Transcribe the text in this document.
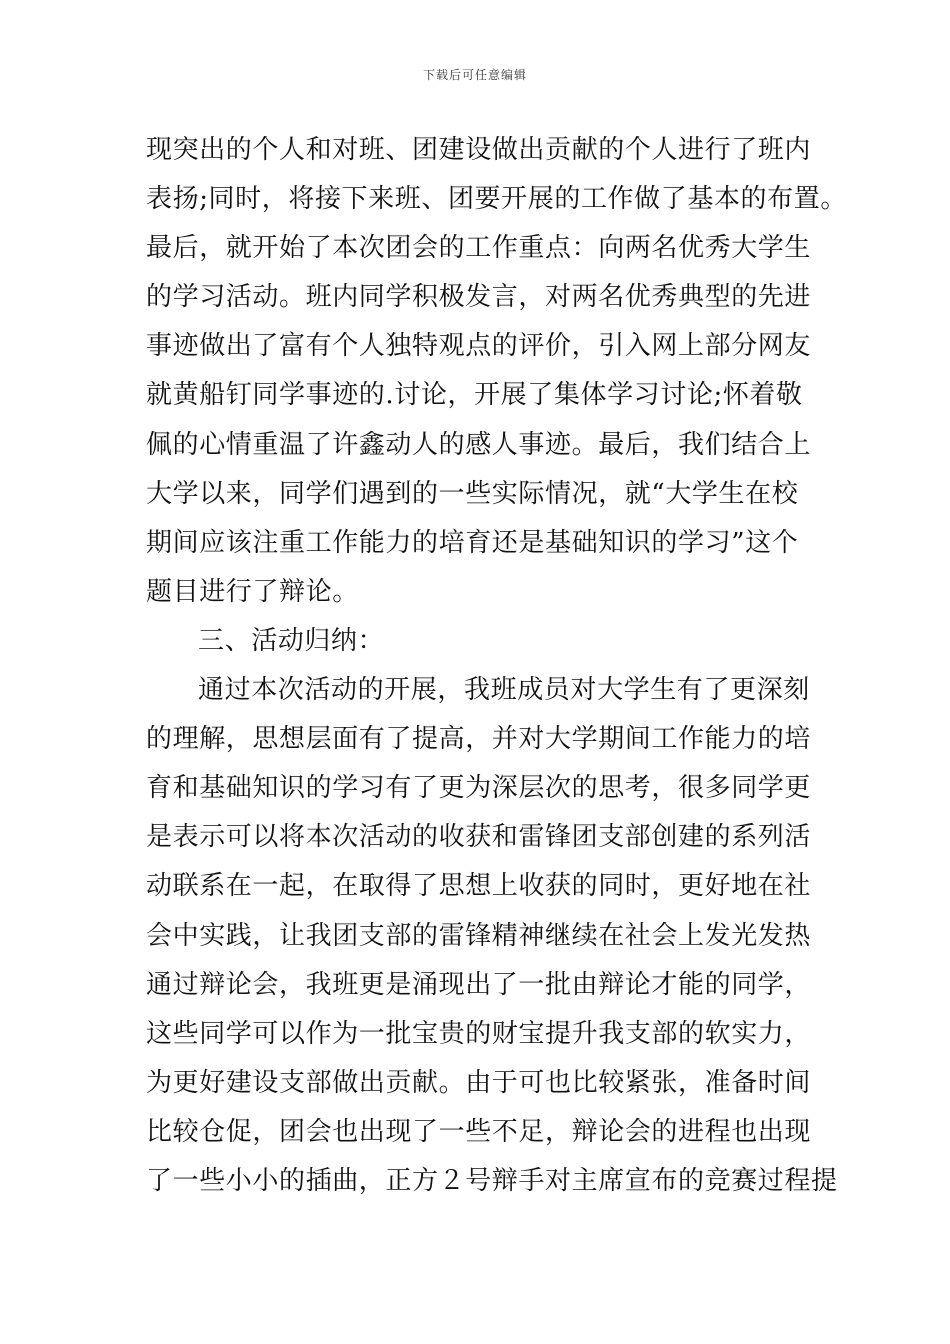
下载后可任意编辑
现突出的个人和对班、团建设做出贡献的个人进行了班内
表扬;同时，将接下来班、团要开展的工作做了基本的布置。
最后，就开始了本次团会的工作重点：向两名优秀大学生
的学习活动。班内同学积极发言，对两名优秀典型的先进
事迹做出了富有个人独特观点的评价，引入网上部分网友
就黄船钉同学事迹的.讨论，开展了集体学习讨论;怀着敬
佩的心情重温了许鑫动人的感人事迹。最后，我们结合上
大学以来，同学们遇到的一些实际情况，就“大学生在校
期间应该注重工作能力的培育还是基础知识的学习”这个
题目进行了辩论。
三、活动归纳：
通过本次活动的开展，我班成员对大学生有了更深刻
的理解，思想层面有了提高，并对大学期间工作能力的培
育和基础知识的学习有了更为深层次的思考，很多同学更
是表示可以将本次活动的收获和雷锋团支部创建的系列活
动联系在一起，在取得了思想上收获的同时，更好地在社
会中实践，让我团支部的雷锋精神继续在社会上发光发热
通过辩论会，我班更是涌现出了一批由辩论才能的同学，
这些同学可以作为一批宝贵的财宝提升我支部的软实力，
为更好建设支部做出贡献。由于可也比较紧张，准备时间
比较仓促，团会也出现了一些不足，辩论会的进程也出现
了一些小小的插曲，正方２号辩手对主席宣布的竞赛过程提
